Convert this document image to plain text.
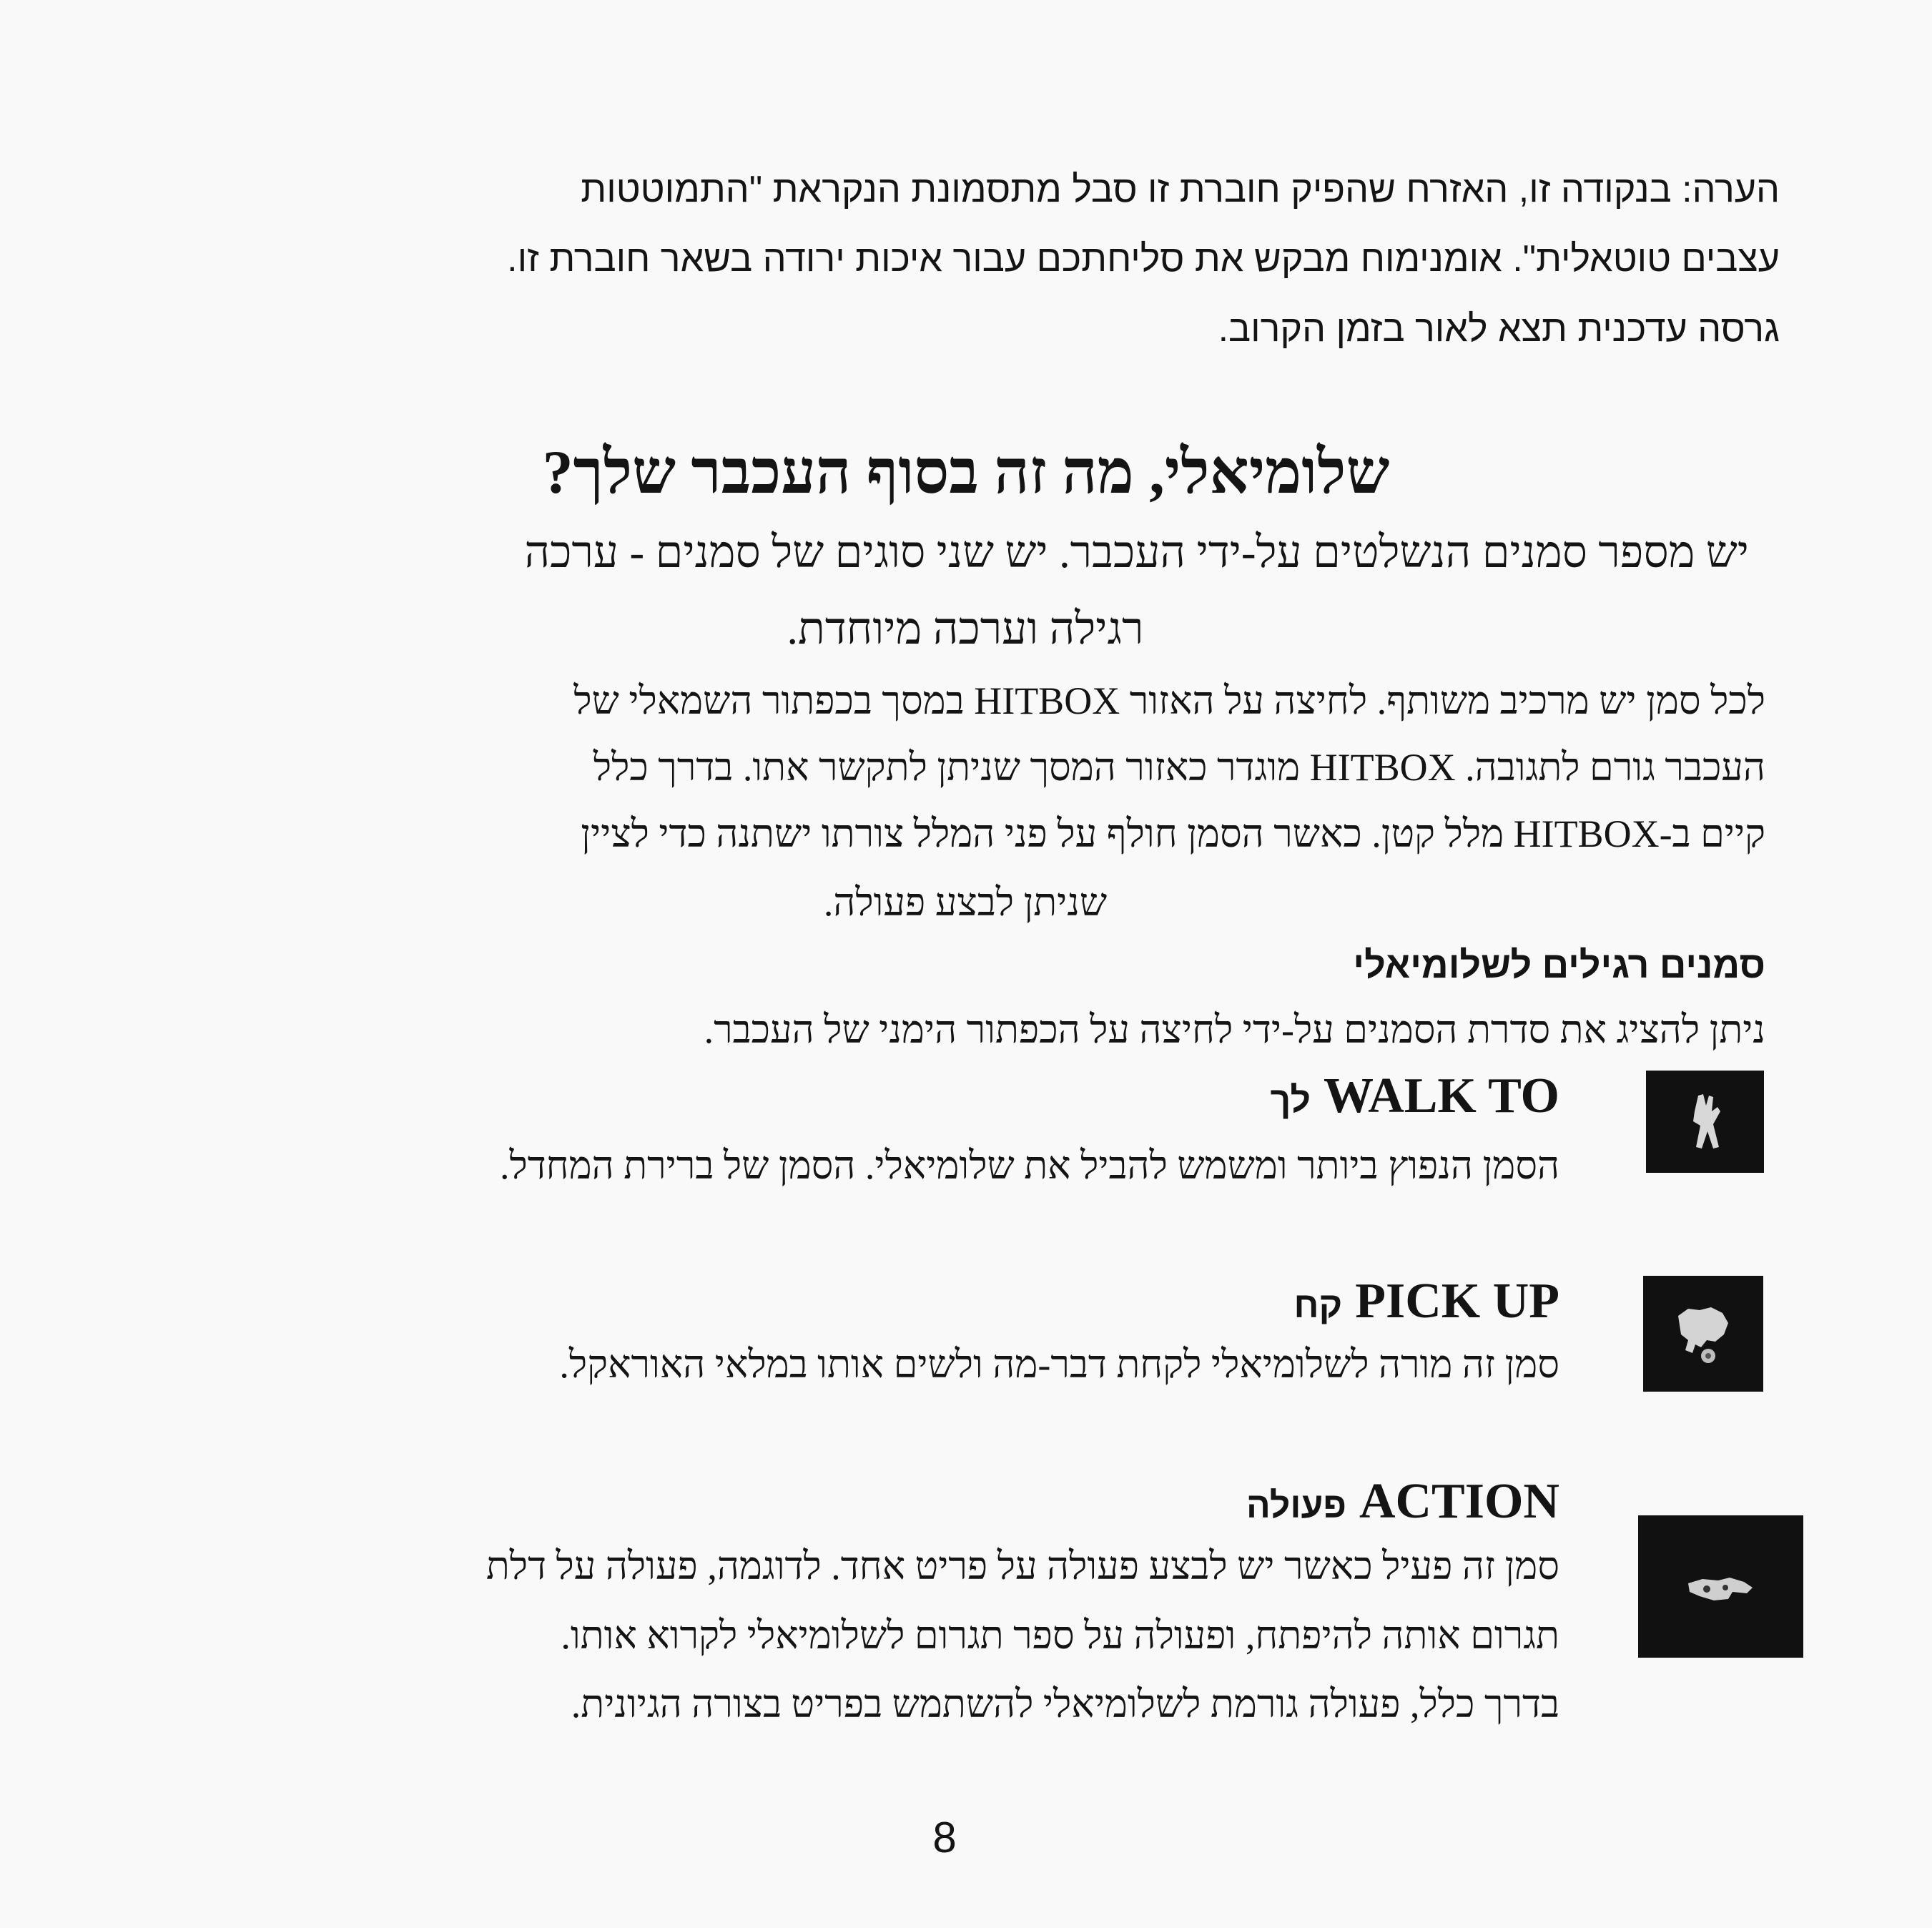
הערה: בנקודה זו, האזרח שהפיק חוברת זו סבל מתסמונת הנקראת "התמוטטות
עצבים טוטאלית". אומנימוח מבקש את סליחתכם עבור איכות ירודה בשאר חוברת זו.
גרסה עדכנית תצא לאור בזמן הקרוב.
שלומיאלי, מה זה בסוף העכבר שלך?
יש מספר סמנים הנשלטים על-ידי העכבר. יש שני סוגים של סמנים - ערכה
רגילה וערכה מיוחדת.
לכל סמן יש מרכיב משותף. לחיצה על האזור HITBOX במסך בכפתור השמאלי של
העכבר גורם לתגובה. HITBOX מוגדר כאזור המסך שניתן לתקשר אתו. בדרך כלל
קיים ב-HITBOX מלל קטן. כאשר הסמן חולף על פני המלל צורתו ישתנה כדי לציין
שניתן לבצע פעולה.
סמנים רגילים לשלומיאלי
ניתן להציג את סדרת הסמנים על-ידי לחיצה על הכפתור הימני של העכבר.
WALK TOלך
הסמן הנפוץ ביותר ומשמש להביל את שלומיאלי. הסמן של ברירת המחדל.
PICK UPקח
סמן זה מורה לשלומיאלי לקחת דבר-מה ולשים אותו במלאי האוראקל.
ACTIONפעולה
סמן זה פעיל כאשר יש לבצע פעולה על פריט אחד. לדוגמה, פעולה על דלת
תגרום אותה להיפתח, ופעולה על ספר תגרום לשלומיאלי לקרוא אותו.
בדרך כלל, פעולה גורמת לשלומיאלי להשתמש בפריט בצורה הגיונית.
8
